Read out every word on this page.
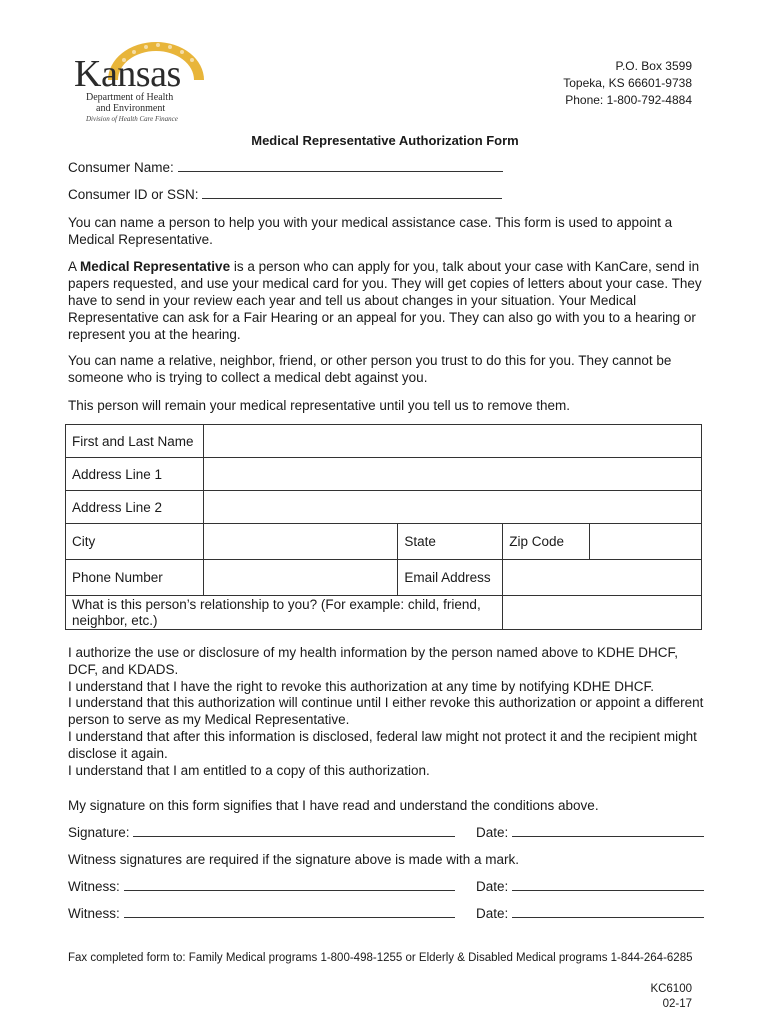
Kansas
Department of Health
and Environment
Division of Health Care Finance
P.O. Box 3599
Topeka, KS 66601-9738
Phone: 1-800-792-4884
Medical Representative Authorization Form
Consumer Name:
Consumer ID or SSN:
You can name a person to help you with your medical assistance case. This form is used to appoint a Medical Representative.
A Medical Representative is a person who can apply for you, talk about your case with KanCare, send in papers requested, and use your medical card for you. They will get copies of letters about your case. They have to send in your review each year and tell us about changes in your situation. Your Medical Representative can ask for a Fair Hearing or an appeal for you. They can also go with you to a hearing or represent you at the hearing.
You can name a relative, neighbor, friend, or other person you trust to do this for you. They cannot be someone who is trying to collect a medical debt against you.
This person will remain your medical representative until you tell us to remove them.
First and Last Name			
Address Line 1			
Address Line 2			
City		State	Zip Code

Phone Number		Email Address	
What is this person’s relationship to you? (For example: child, friend, neighbor, etc.)			
I authorize the use or disclosure of my health information by the person named above to KDHE DHCF, DCF, and KDADS.
I understand that I have the right to revoke this authorization at any time by notifying KDHE DHCF.
I understand that this authorization will continue until I either revoke this authorization or appoint a different person to serve as my Medical Representative.
I understand that after this information is disclosed, federal law might not protect it and the recipient might disclose it again.
I understand that I am entitled to a copy of this authorization.
My signature on this form signifies that I have read and understand the conditions above.
Signature:	Date:
Witness signatures are required if the signature above is made with a mark.
Witness:	Date:
Witness:	Date:
Fax completed form to: Family Medical programs 1-800-498-1255 or Elderly & Disabled Medical programs 1-844-264-6285
KC6100
02-17
